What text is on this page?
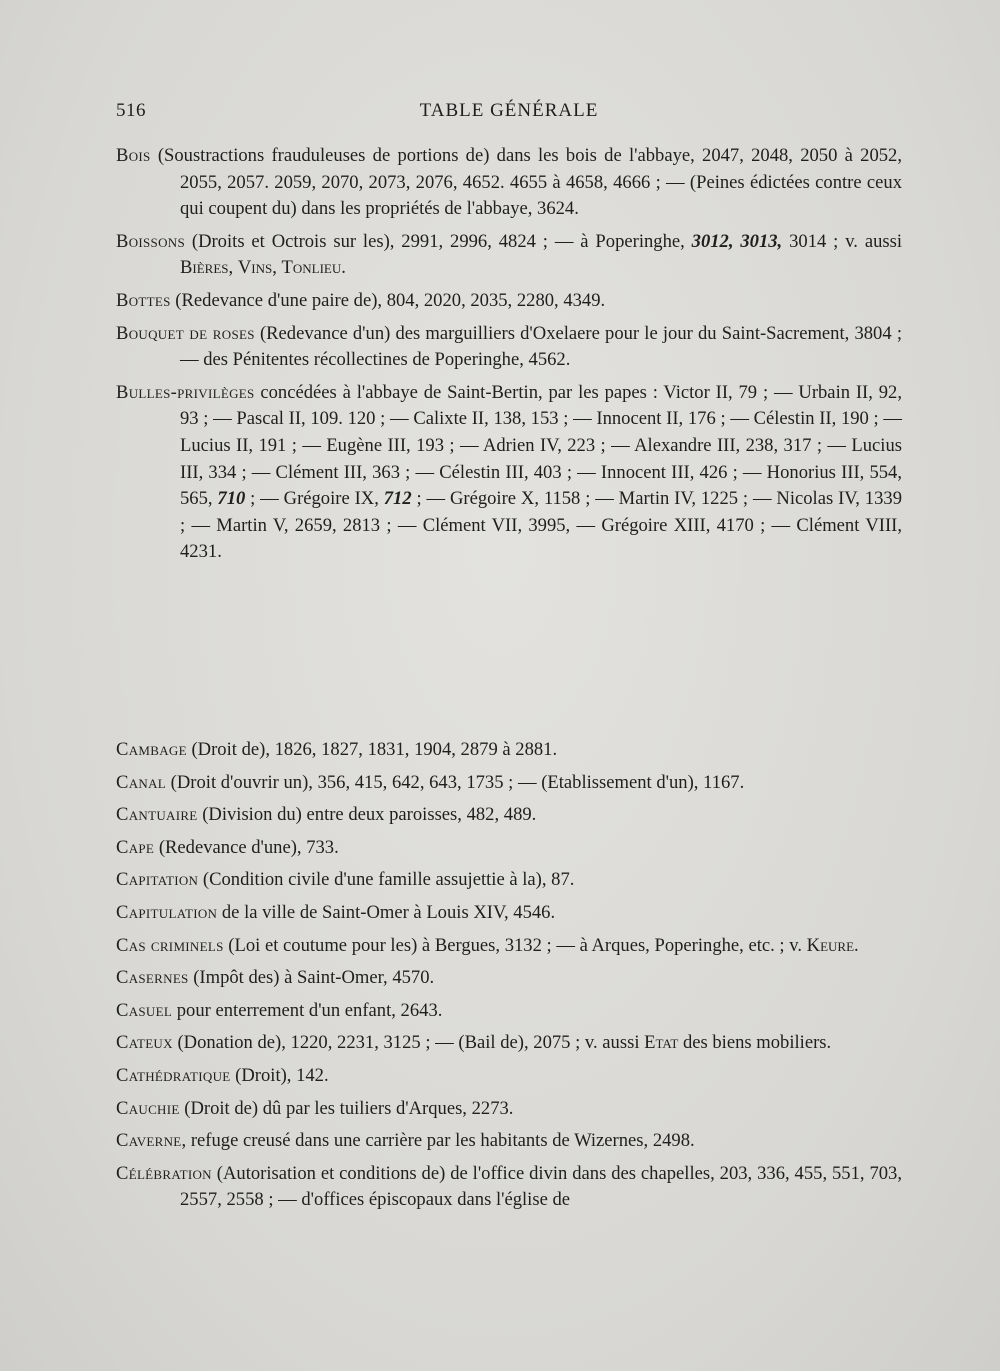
516	TABLE GÉNÉRALE

Bois (Soustractions frauduleuses de portions de) dans les bois de l'abbaye, 2047, 2048, 2050 à 2052, 2055, 2057. 2059, 2070, 2073, 2076, 4652. 4655 à 4658, 4666 ; — (Peines édictées contre ceux qui coupent du) dans les propriétés de l'abbaye, 3624.

Boissons (Droits et Octrois sur les), 2991, 2996, 4824 ; — à Poperinghe, 3012, 3013, 3014 ; v. aussi Bières, Vins, Tonlieu.

Bottes (Redevance d'une paire de), 804, 2020, 2035, 2280, 4349.

Bouquet de roses (Redevance d'un) des marguilliers d'Oxelaere pour le jour du Saint-Sacrement, 3804 ; — des Pénitentes récollectines de Poperinghe, 4562.

Bulles-privilèges concédées à l'abbaye de Saint-Bertin, par les papes : Victor II, 79 ; — Urbain II, 92, 93 ; — Pascal II, 109. 120 ; — Calixte II, 138, 153 ; — Innocent II, 176 ; — Célestin II, 190 ; — Lucius II, 191 ; — Eugène III, 193 ; — Adrien IV, 223 ; — Alexandre III, 238, 317 ; — Lucius III, 334 ; — Clément III, 363 ; — Célestin III, 403 ; — Innocent III, 426 ; — Honorius III, 554, 565, 710 ; — Grégoire IX, 712 ; — Grégoire X, 1158 ; — Martin IV, 1225 ; — Nicolas IV, 1339 ; — Martin V, 2659, 2813 ; — Clément VII, 3995, — Grégoire XIII, 4170 ; — Clément VIII, 4231.

Cambage (Droit de), 1826, 1827, 1831, 1904, 2879 à 2881.

Canal (Droit d'ouvrir un), 356, 415, 642, 643, 1735 ; — (Etablissement d'un), 1167.

Cantuaire (Division du) entre deux paroisses, 482, 489.

Cape (Redevance d'une), 733.

Capitation (Condition civile d'une famille assujettie à la), 87.

Capitulation de la ville de Saint-Omer à Louis XIV, 4546.

Cas criminels (Loi et coutume pour les) à Bergues, 3132 ; — à Arques, Poperinghe, etc. ; v. Keure.

Casernes (Impôt des) à Saint-Omer, 4570.

Casuel pour enterrement d'un enfant, 2643.

Cateux (Donation de), 1220, 2231, 3125 ; — (Bail de), 2075 ; v. aussi Etat des biens mobiliers.

Cathédratique (Droit), 142.

Cauchie (Droit de) dû par les tuiliers d'Arques, 2273.

Caverne, refuge creusé dans une carrière par les habitants de Wizernes, 2498.

Célébration (Autorisation et conditions de) de l'office divin dans des chapelles, 203, 336, 455, 551, 703, 2557, 2558 ; — d'offices épiscopaux dans l'église de
